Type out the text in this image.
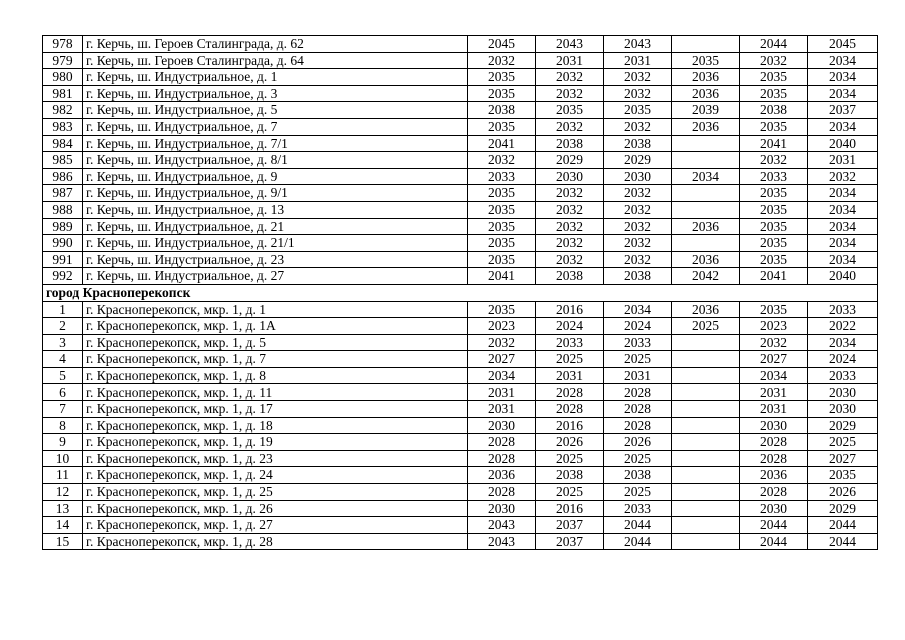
978	г. Керчь, ш. Героев Сталинграда, д. 62	2045	2043	2043		2044	2045
979	г. Керчь, ш. Героев Сталинграда, д. 64	2032	2031	2031	2035	2032	2034
980	г. Керчь, ш. Индустриальное, д. 1	2035	2032	2032	2036	2035	2034
981	г. Керчь, ш. Индустриальное, д. 3	2035	2032	2032	2036	2035	2034
982	г. Керчь, ш. Индустриальное, д. 5	2038	2035	2035	2039	2038	2037
983	г. Керчь, ш. Индустриальное, д. 7	2035	2032	2032	2036	2035	2034
984	г. Керчь, ш. Индустриальное, д. 7/1	2041	2038	2038		2041	2040
985	г. Керчь, ш. Индустриальное, д. 8/1	2032	2029	2029		2032	2031
986	г. Керчь, ш. Индустриальное, д. 9	2033	2030	2030	2034	2033	2032
987	г. Керчь, ш. Индустриальное, д. 9/1	2035	2032	2032		2035	2034
988	г. Керчь, ш. Индустриальное, д. 13	2035	2032	2032		2035	2034
989	г. Керчь, ш. Индустриальное, д. 21	2035	2032	2032	2036	2035	2034
990	г. Керчь, ш. Индустриальное, д. 21/1	2035	2032	2032		2035	2034
991	г. Керчь, ш. Индустриальное, д. 23	2035	2032	2032	2036	2035	2034
992	г. Керчь, ш. Индустриальное, д. 27	2041	2038	2038	2042	2041	2040
город Красноперекопск							
1	г. Красноперекопск, мкр. 1, д. 1	2035	2016	2034	2036	2035	2033
2	г. Красноперекопск, мкр. 1, д. 1А	2023	2024	2024	2025	2023	2022
3	г. Красноперекопск, мкр. 1, д. 5	2032	2033	2033		2032	2034
4	г. Красноперекопск, мкр. 1, д. 7	2027	2025	2025		2027	2024
5	г. Красноперекопск, мкр. 1, д. 8	2034	2031	2031		2034	2033
6	г. Красноперекопск, мкр. 1, д. 11	2031	2028	2028		2031	2030
7	г. Красноперекопск, мкр. 1, д. 17	2031	2028	2028		2031	2030
8	г. Красноперекопск, мкр. 1, д. 18	2030	2016	2028		2030	2029
9	г. Красноперекопск, мкр. 1, д. 19	2028	2026	2026		2028	2025
10	г. Красноперекопск, мкр. 1, д. 23	2028	2025	2025		2028	2027
11	г. Красноперекопск, мкр. 1, д. 24	2036	2038	2038		2036	2035
12	г. Красноперекопск, мкр. 1, д. 25	2028	2025	2025		2028	2026
13	г. Красноперекопск, мкр. 1, д. 26	2030	2016	2033		2030	2029
14	г. Красноперекопск, мкр. 1, д. 27	2043	2037	2044		2044	2044
15	г. Красноперекопск, мкр. 1, д. 28	2043	2037	2044		2044	2044
